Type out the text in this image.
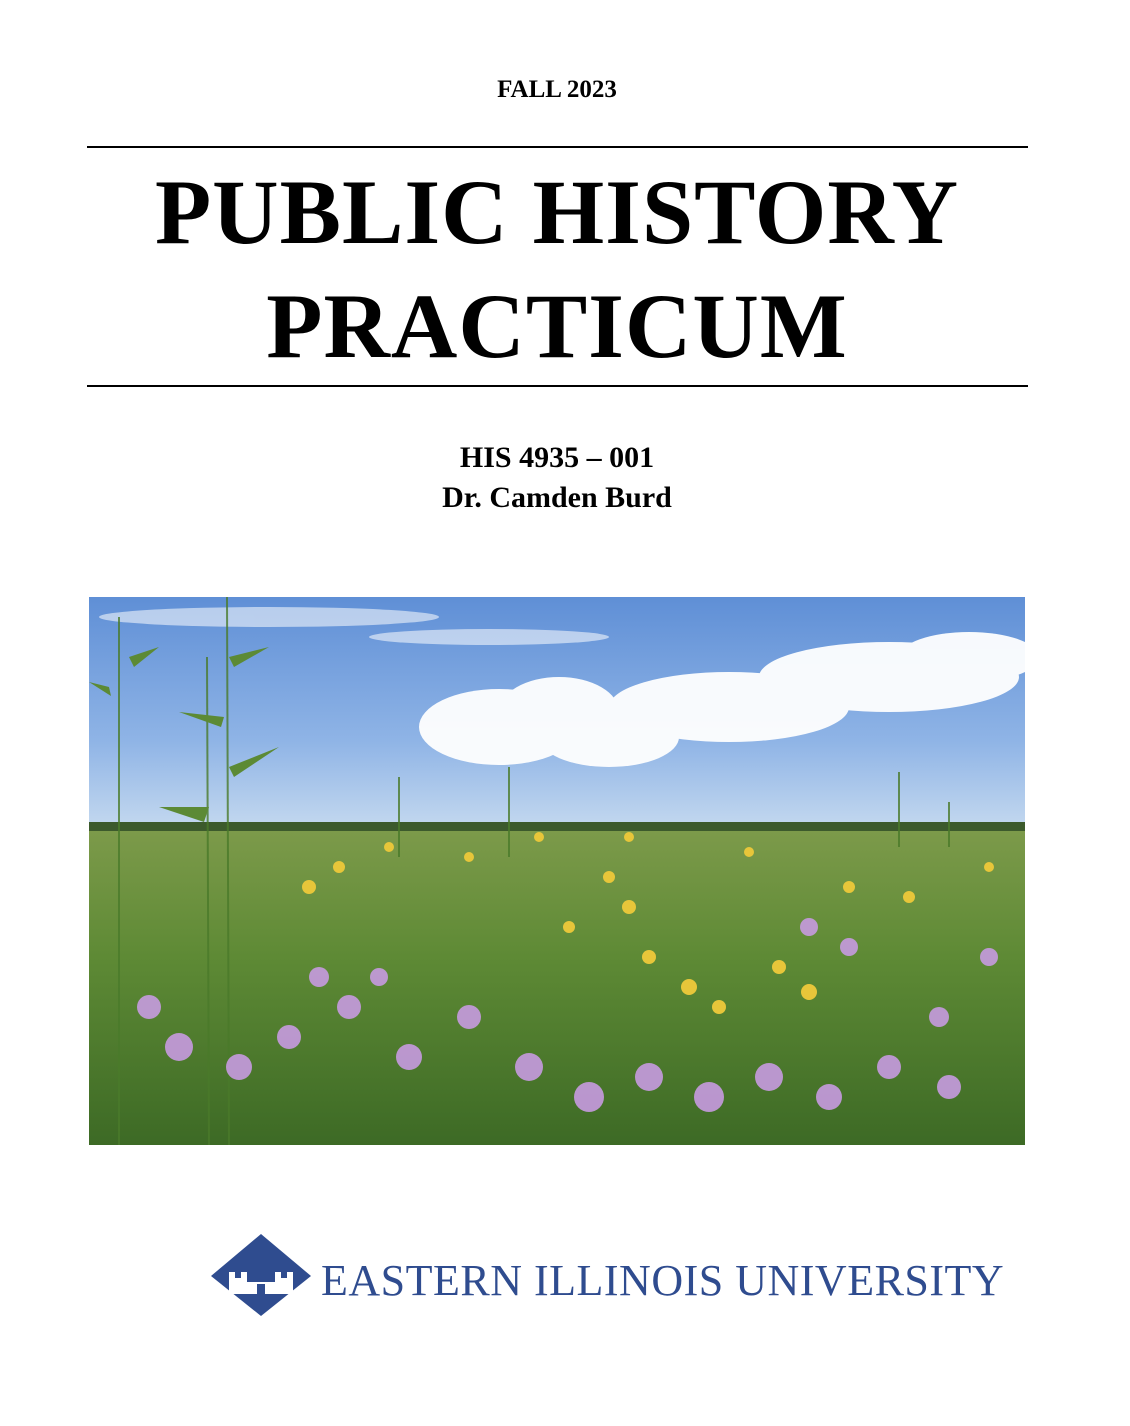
FALL 2023
PUBLIC HISTORY
PRACTICUM
HIS 4935 – 001
Dr. Camden Burd
EASTERN ILLINOIS UNIVERSITY
